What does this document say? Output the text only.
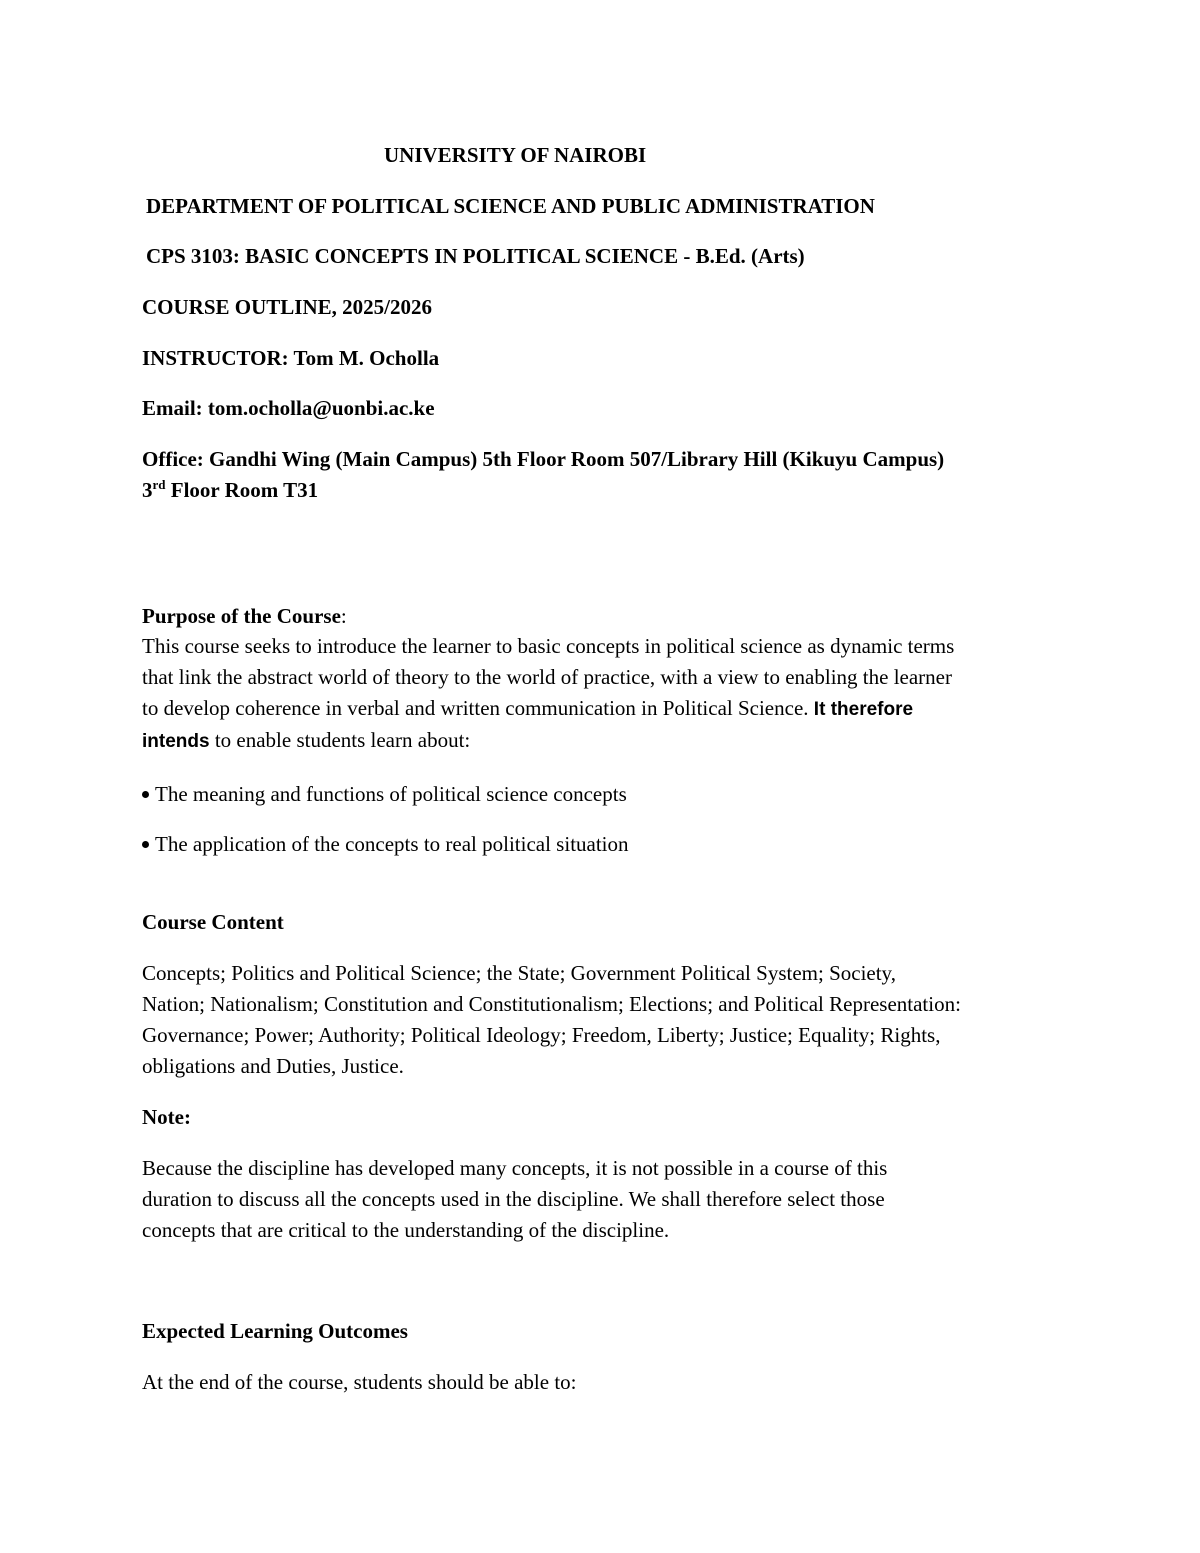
UNIVERSITY OF NAIROBI
DEPARTMENT OF POLITICAL SCIENCE AND PUBLIC ADMINISTRATION
CPS 3103: BASIC CONCEPTS IN POLITICAL SCIENCE - B.Ed. (Arts)
COURSE OUTLINE, 2025/2026
INSTRUCTOR: Tom M. Ocholla
Email: tom.ocholla@uonbi.ac.ke
Office: Gandhi Wing (Main Campus) 5th Floor Room 507/Library Hill (Kikuyu Campus)
3rd Floor Room T31
Purpose of the Course:
This course seeks to introduce the learner to basic concepts in political science as dynamic terms
that link the abstract world of theory to the world of practice, with a view to enabling the learner
to develop coherence in verbal and written communication in Political Science. It therefore
intends to enable students learn about:
The meaning and functions of political science concepts
The application of the concepts to real political situation
Course Content
Concepts; Politics and Political Science; the State; Government Political System; Society,
Nation; Nationalism; Constitution and Constitutionalism; Elections; and Political Representation:
Governance; Power; Authority; Political Ideology; Freedom, Liberty; Justice; Equality; Rights,
obligations and Duties, Justice.
Note:
Because the discipline has developed many concepts, it is not possible in a course of this
duration to discuss all the concepts used in the discipline. We shall therefore select those
concepts that are critical to the understanding of the discipline.
Expected Learning Outcomes
At the end of the course, students should be able to:
